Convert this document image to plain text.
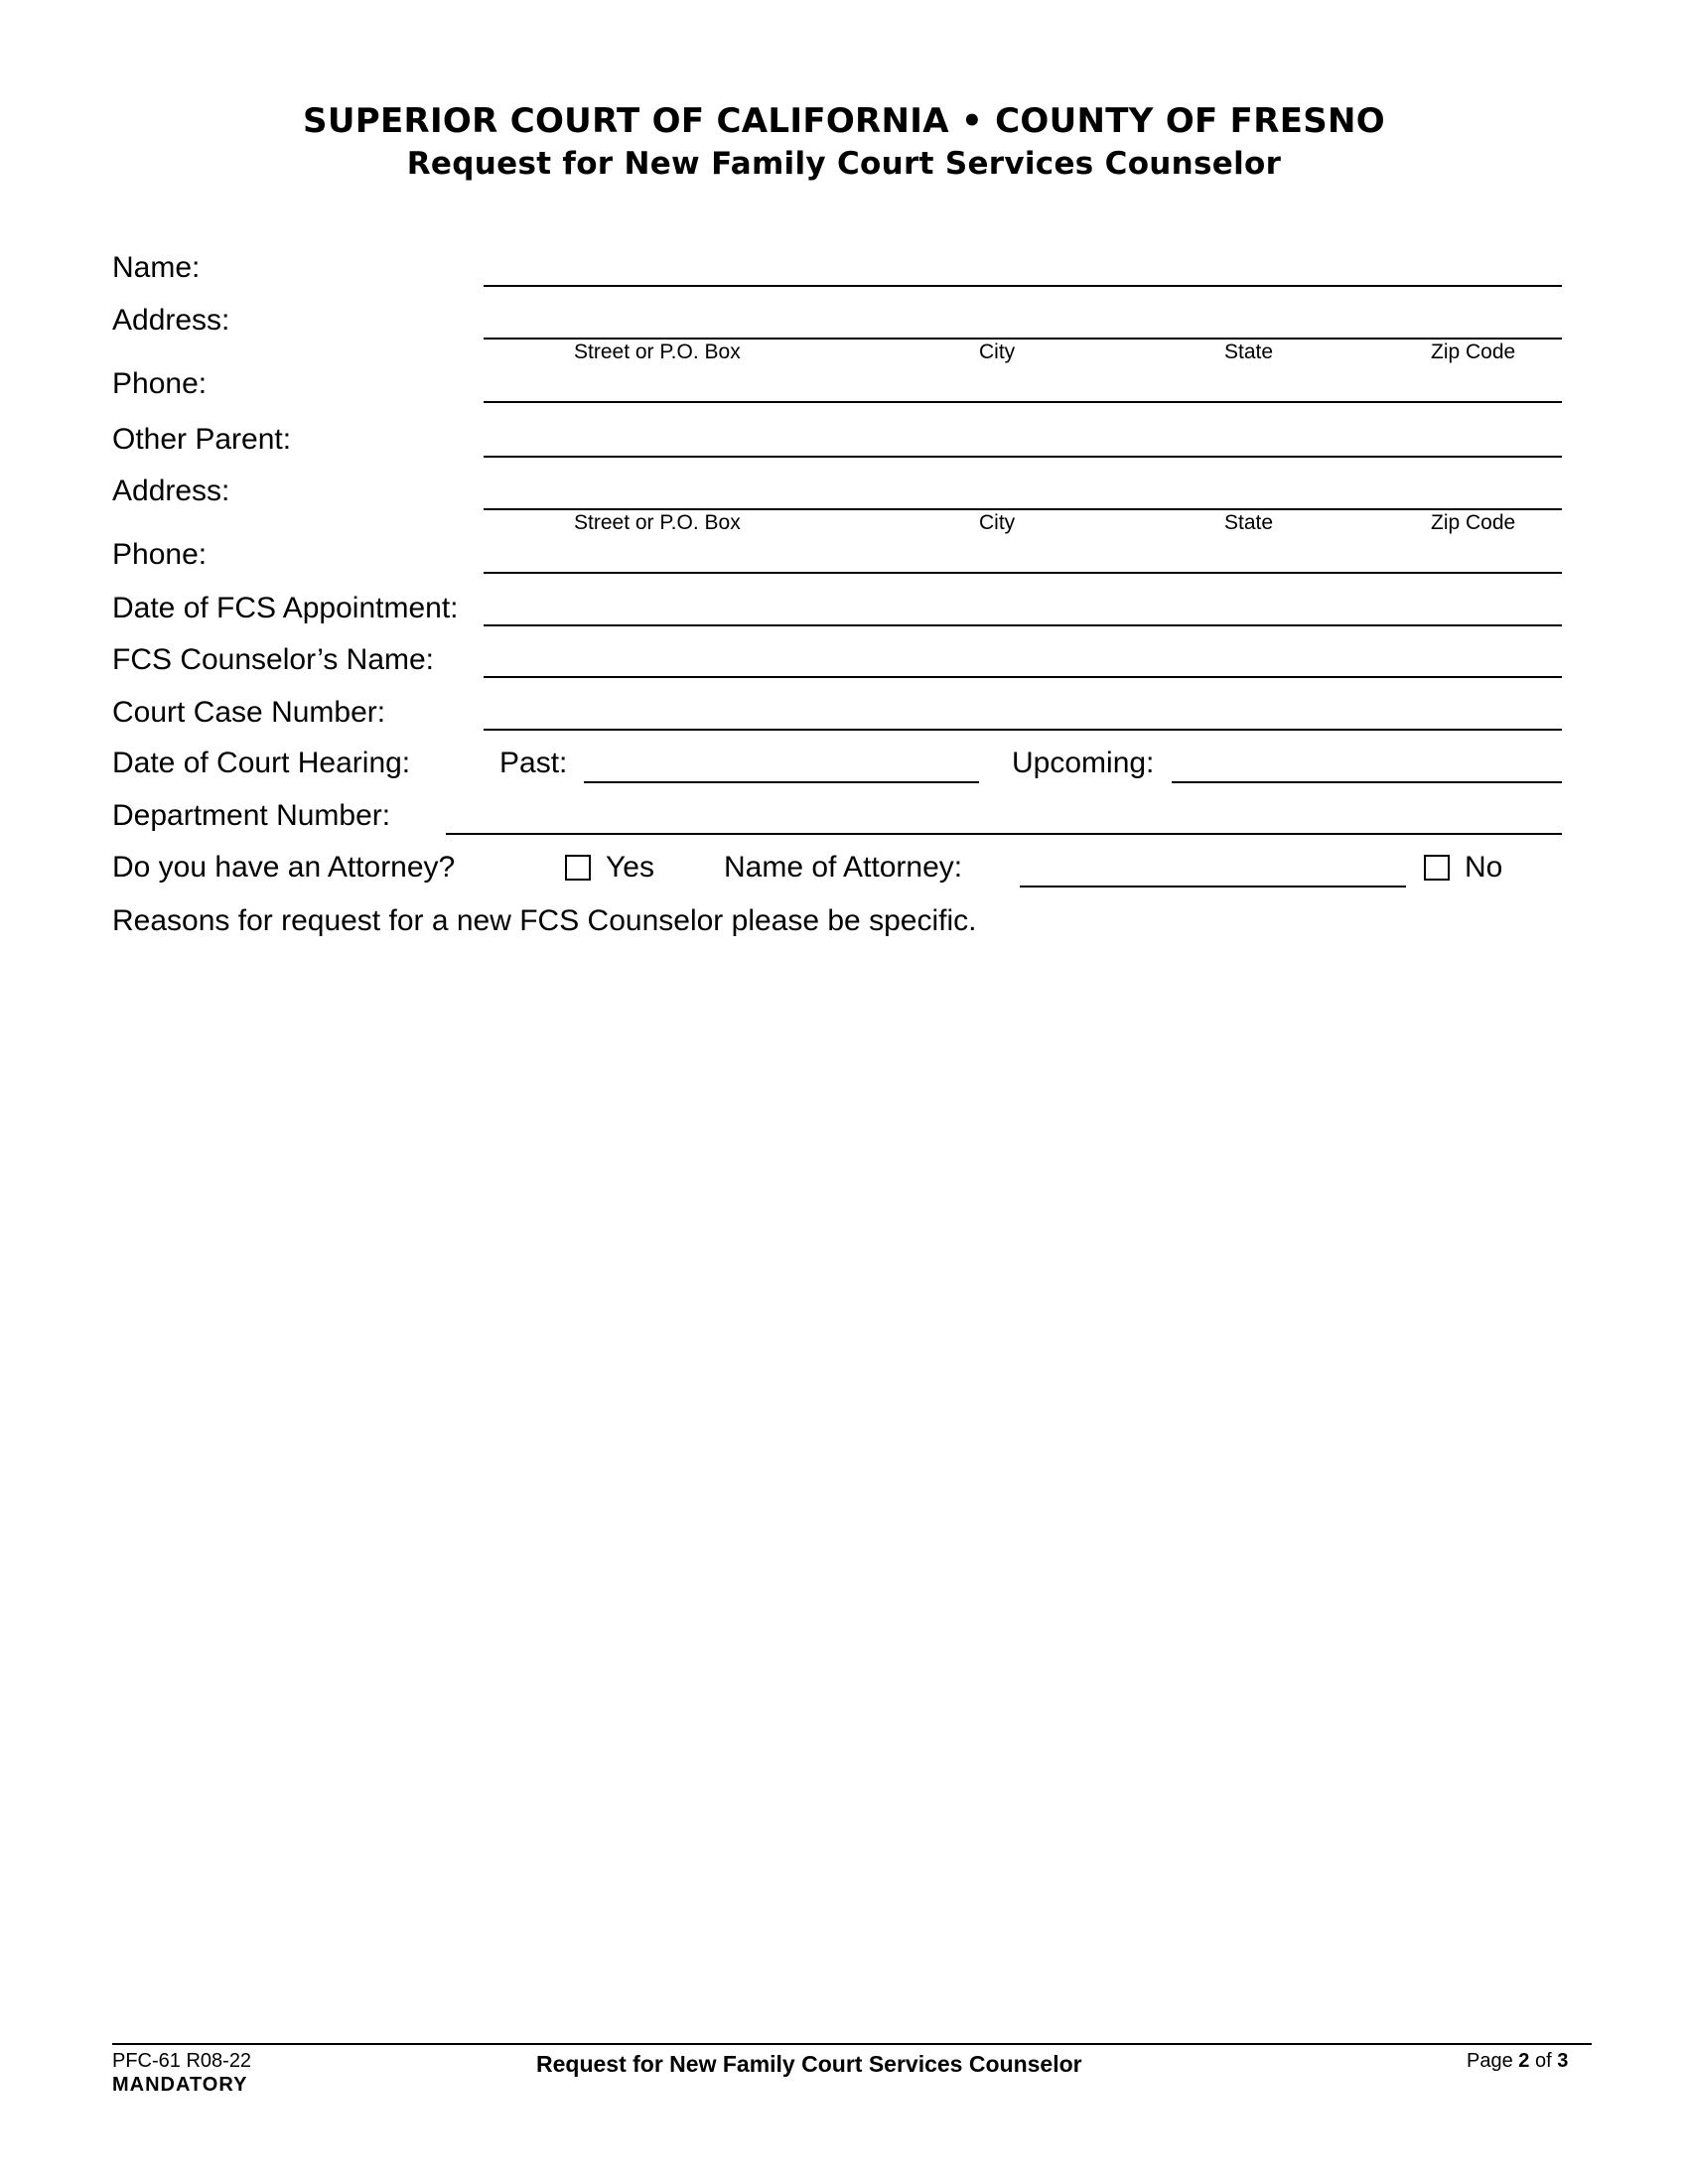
SUPERIOR COURT OF CALIFORNIA • COUNTY OF FRESNO
Request for New Family Court Services Counselor
Name:
Address:
Street or P.O. Box	City	State	Zip Code
Phone:
Other Parent:
Address:
Street or P.O. Box	City	State	Zip Code
Phone:
Date of FCS Appointment:
FCS Counselor’s Name:
Court Case Number:
Date of Court Hearing:	Past:	Upcoming:
Department Number:
Do you have an Attorney?	Yes Name of Attorney:	No
Reasons for request for a new FCS Counselor please be specific.
PFC-61 R08-22
MANDATORY
Request for New Family Court Services Counselor	Page 2 of 3
